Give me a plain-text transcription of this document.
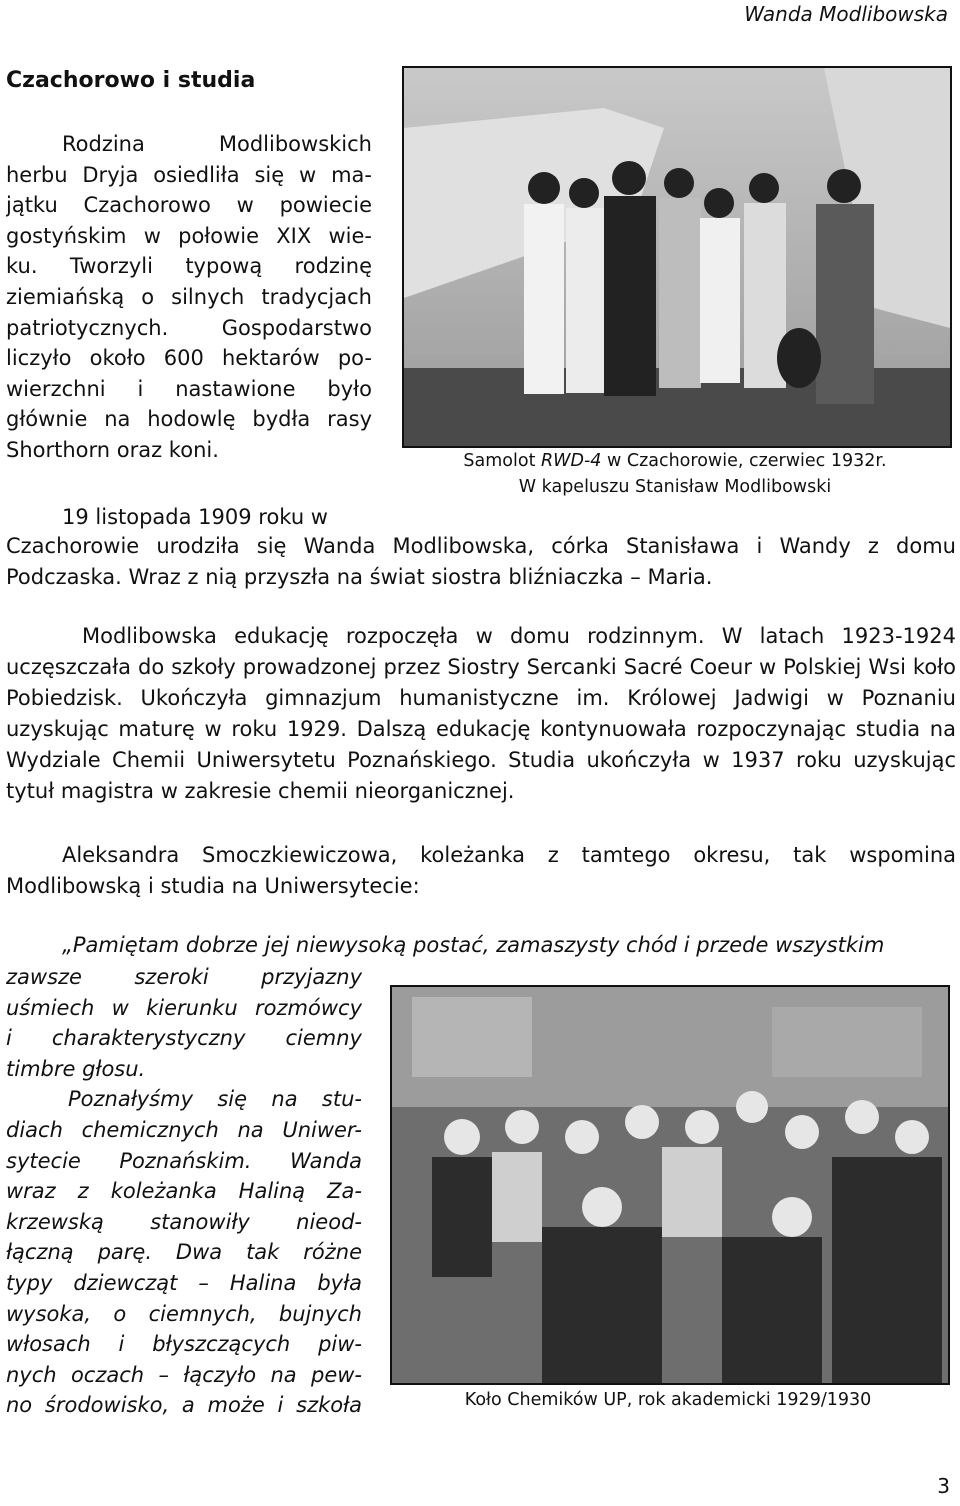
Wanda Modlibowska
Czachorowo i studia
Rodzina Modlibowskich
herbu Dryja osiedliła się w ma-
jątku Czachorowo w powiecie
gostyńskim w połowie XIX wie-
ku. Tworzyli typową rodzinę
ziemiańską o silnych tradycjach
patriotycznych. Gospodarstwo
liczyło około 600 hektarów po-
wierzchni i nastawione było
głównie na hodowlę bydła rasy
Shorthorn oraz koni.	Samolot RWD-4 w Czachorowie, czerwiec 1932r.
W kapeluszu Stanisław Modlibowski
19 listopada 1909 roku w
Czachorowie urodziła się Wanda Modlibowska, córka Stanisława i Wandy z domu Podczaska. Wraz z nią przyszła na świat siostra bliźniaczka – Maria.
Modlibowska edukację rozpoczęła w domu rodzinnym. W latach 1923-1924 uczęszczała do szkoły prowadzonej przez Siostry Sercanki Sacré Coeur w Polskiej Wsi koło Pobiedzisk. Ukończyła gimnazjum humanistyczne im. Królowej Jadwigi w Poznaniu uzyskując maturę w roku 1929. Dalszą edukację kontynuowała rozpoczynając studia na Wydziale Chemii Uniwersytetu Poznańskiego. Studia ukończyła w 1937 roku uzyskując tytuł magistra w zakresie chemii nieorganicznej.
Aleksandra Smoczkiewiczowa, koleżanka z tamtego okresu, tak wspomina Modlibowską i studia na Uniwersytecie:
„Pamiętam dobrze jej niewysoką postać, zamaszysty chód i przede wszystkim
zawsze szeroki przyjazny
uśmiech w kierunku rozmówcy
i charakterystyczny ciemny
timbre głosu.
Poznałyśmy się na stu-
diach chemicznych na Uniwer-
sytecie Poznańskim. Wanda
wraz z koleżanka Haliną Za-
krzewską stanowiły nieod-
łączną parę. Dwa tak różne
typy dziewcząt – Halina była
wysoka, o ciemnych, bujnych
włosach i błyszczących piw-
nych oczach – łączyło na pew-
no środowisko, a może i szkoła	Koło Chemików UP, rok akademicki 1929/1930
3
